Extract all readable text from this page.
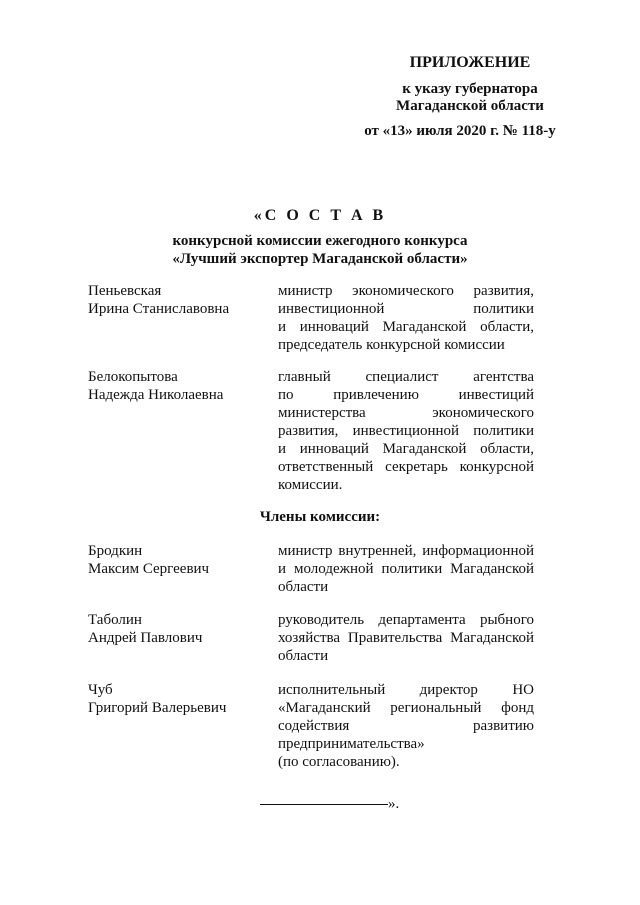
ПРИЛОЖЕНИЕ
к указу губернатора
Магаданской области
от «13» июля 2020 г. № 118-у
«С О С Т А В
конкурсной комиссии ежегодного конкурса
«Лучший экспортер Магаданской области»
Пеньевская
Ирина Станиславовна
министр экономического развития,
инвестиционной политики
и инноваций Магаданской области,
председатель конкурсной комиссии
Белокопытова
Надежда Николаевна
главный специалист агентства
по привлечению инвестиций
министерства экономического
развития, инвестиционной политики
и инноваций Магаданской области,
ответственный секретарь конкурсной
комиссии.
Члены комиссии:
Бродкин
Максим Сергеевич
министр внутренней, информационной
и молодежной политики Магаданской
области
Таболин
Андрей Павлович
руководитель департамента рыбного
хозяйства Правительства Магаданской
области
Чуб
Григорий Валерьевич
исполнительный директор НО
«Магаданский региональный фонд
содействия развитию
предпринимательства»
(по согласованию).
».
